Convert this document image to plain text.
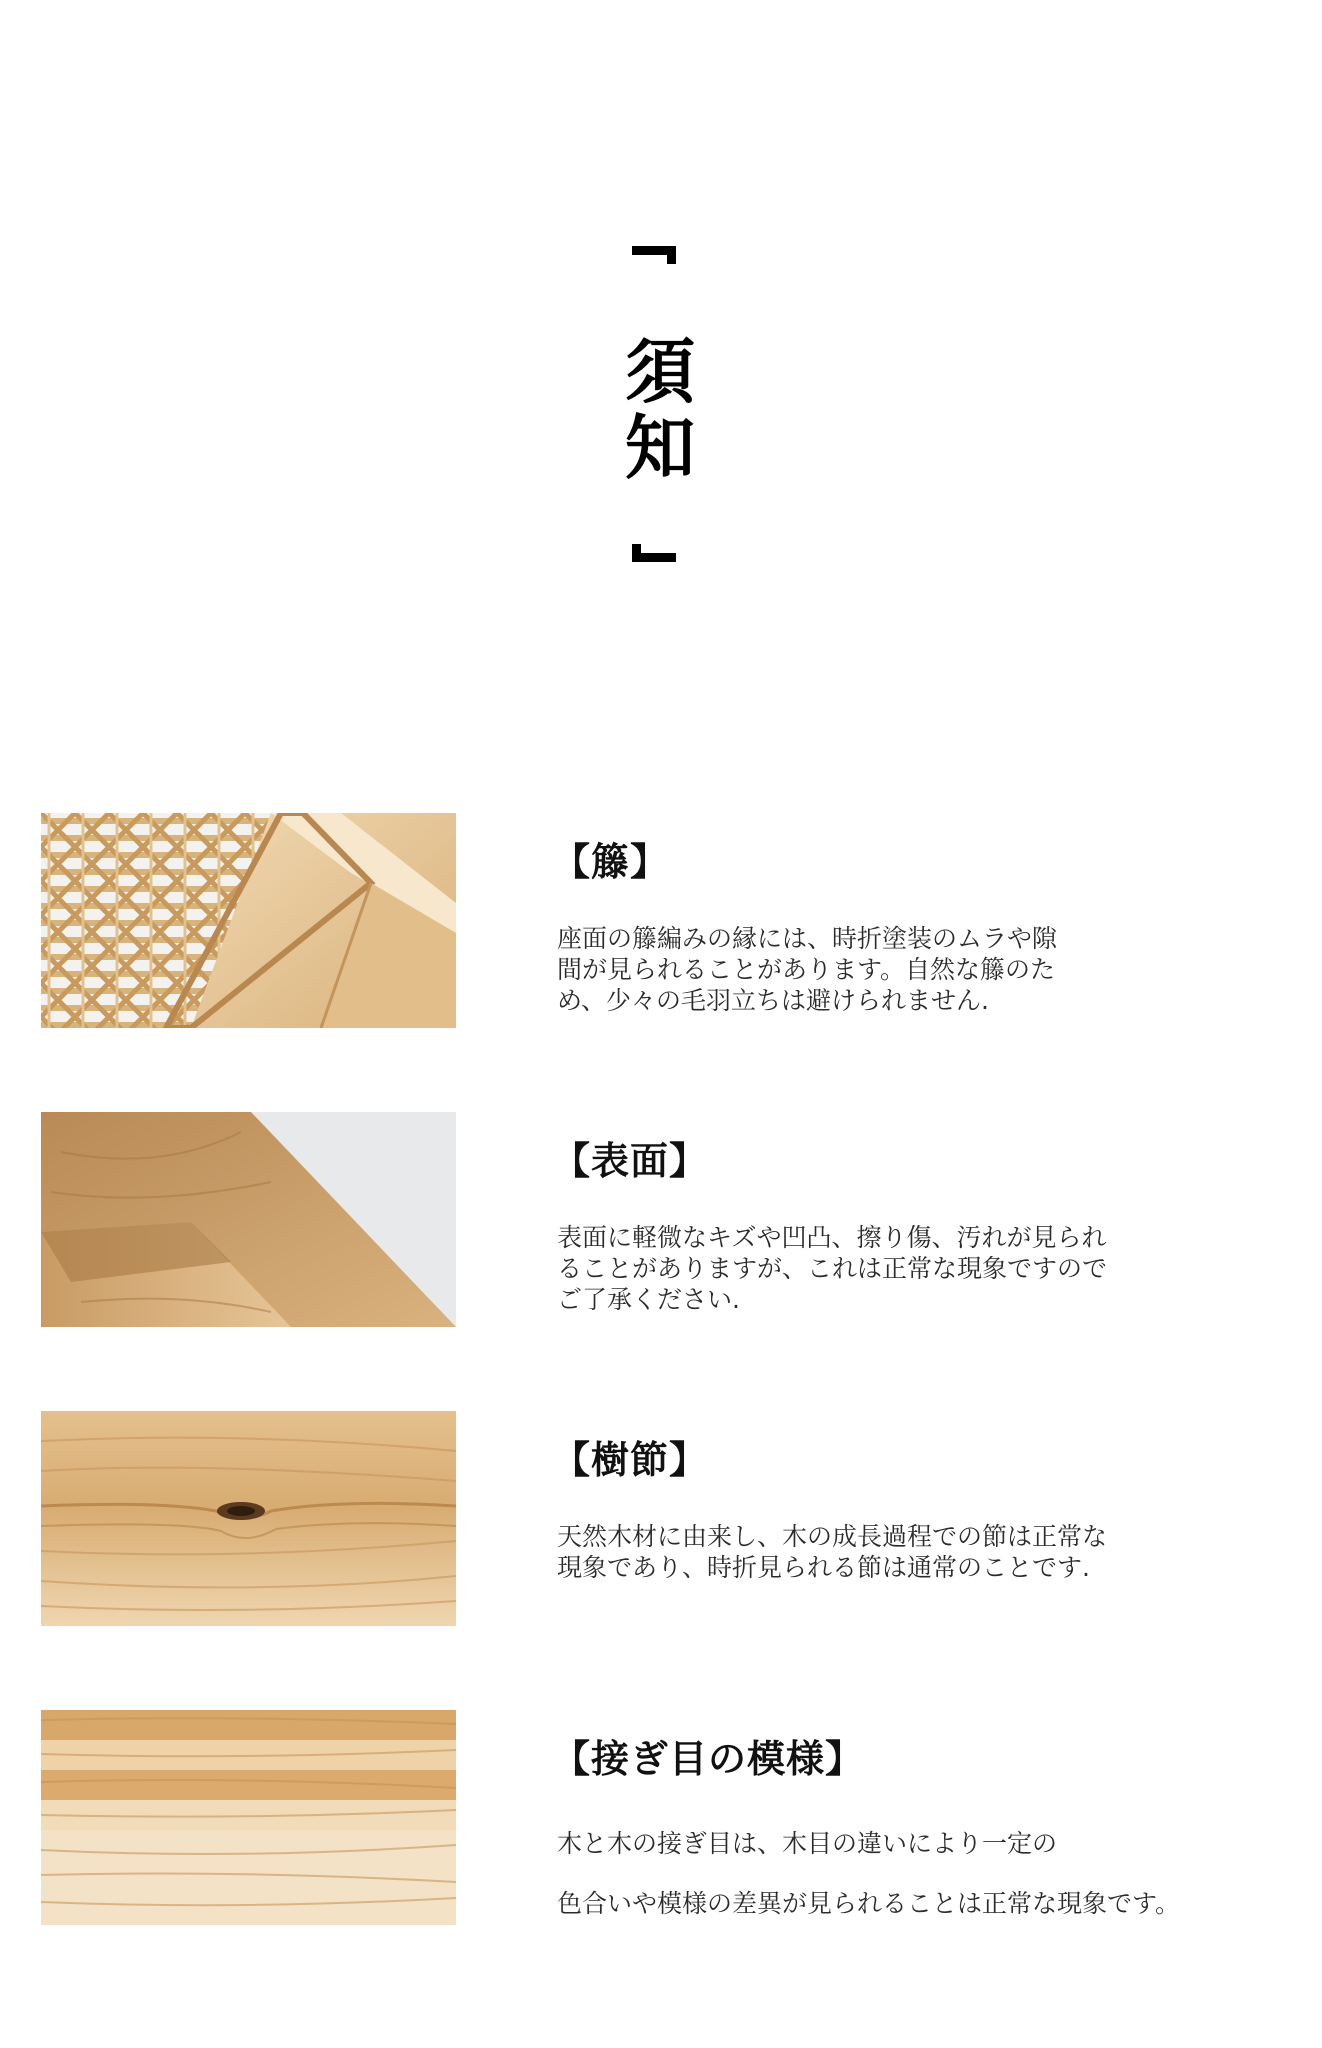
須
知
【籐】
座面の籐編みの縁には、時折塗装のムラや隙
間が見られることがあります。自然な籐のた
め、少々の毛羽立ちは避けられません.
【表面】
表面に軽微なキズや凹凸、擦り傷、汚れが見られ
ることがありますが、これは正常な現象ですので
ご了承ください.
【樹節】
天然木材に由来し、木の成長過程での節は正常な
現象であり、時折見られる節は通常のことです.
【接ぎ目の模様】
木と木の接ぎ目は、木目の違いにより一定の
色合いや模様の差異が見られることは正常な現象です。
